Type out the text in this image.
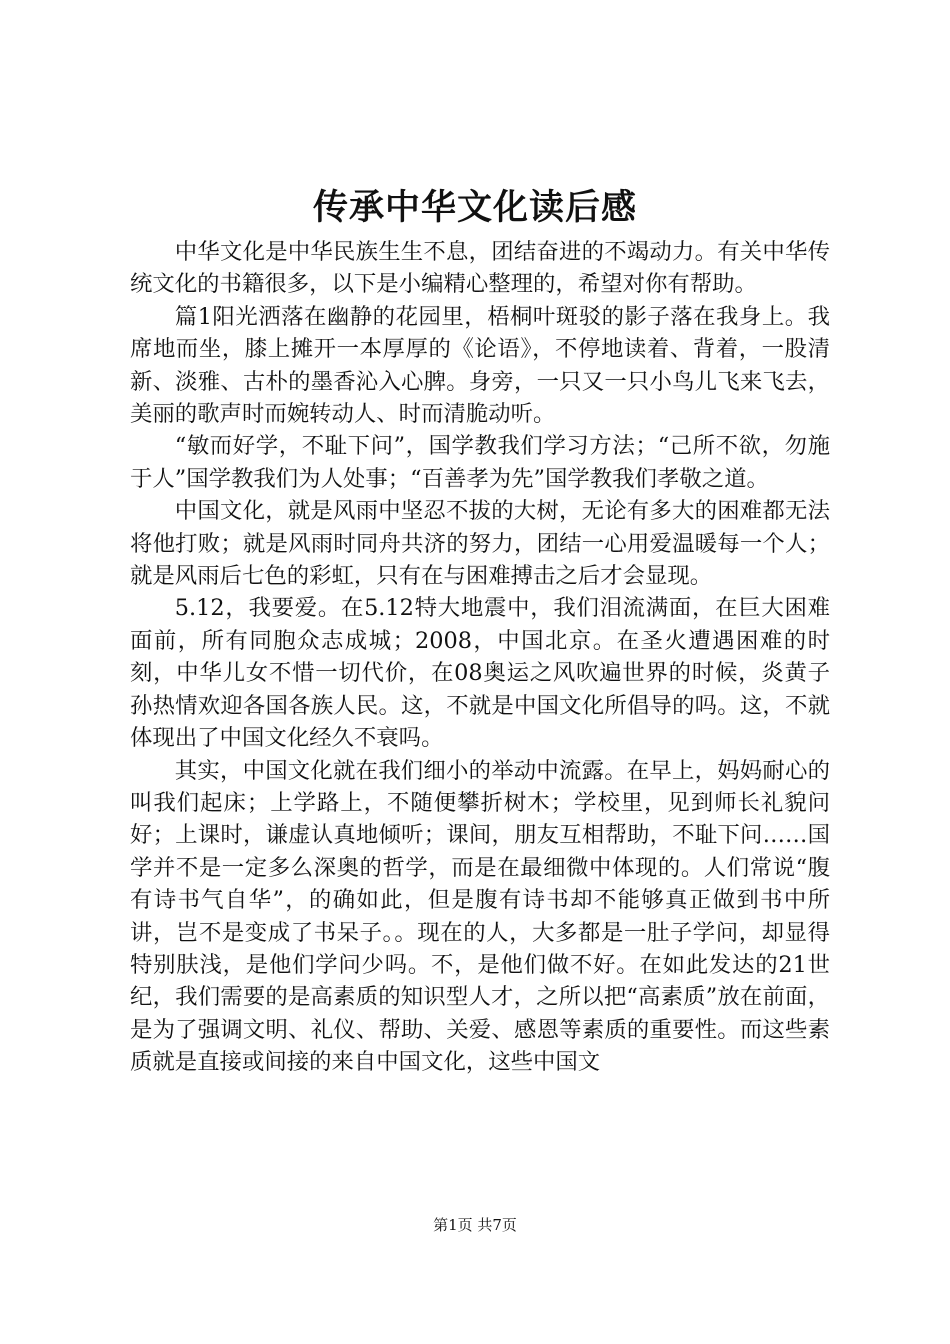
传承中华文化读后感

中华文化是中华民族生生不息，团结奋进的不竭动力。有关中华传统文化的书籍很多，以下是小编精心整理的，希望对你有帮助。

篇1阳光洒落在幽静的花园里，梧桐叶斑驳的影子落在我身上。我席地而坐，膝上摊开一本厚厚的《论语》，不停地读着、背着，一股清新、淡雅、古朴的墨香沁入心脾。身旁，一只又一只小鸟儿飞来飞去，美丽的歌声时而婉转动人、时而清脆动听。

“敏而好学，不耻下问”，国学教我们学习方法；“己所不欲，勿施于人”国学教我们为人处事；“百善孝为先”国学教我们孝敬之道。

中国文化，就是风雨中坚忍不拔的大树，无论有多大的困难都无法将他打败；就是风雨时同舟共济的努力，团结一心用爱温暖每一个人；就是风雨后七色的彩虹，只有在与困难搏击之后才会显现。

5.12，我要爱。在5.12特大地震中，我们泪流满面，在巨大困难面前，所有同胞众志成城；2008，中国北京。在圣火遭遇困难的时刻，中华儿女不惜一切代价，在08奥运之风吹遍世界的时候，炎黄子孙热情欢迎各国各族人民。这，不就是中国文化所倡导的吗。这，不就体现出了中国文化经久不衰吗。

其实，中国文化就在我们细小的举动中流露。在早上，妈妈耐心的叫我们起床；上学路上，不随便攀折树木；学校里，见到师长礼貌问好；上课时，谦虚认真地倾听；课间，朋友互相帮助，不耻下问……国学并不是一定多么深奥的哲学，而是在最细微中体现的。人们常说“腹有诗书气自华”，的确如此，但是腹有诗书却不能够真正做到书中所讲，岂不是变成了书呆子。。现在的人，大多都是一肚子学问，却显得特别肤浅，是他们学问少吗。不，是他们做不好。在如此发达的21世纪，我们需要的是高素质的知识型人才，之所以把“高素质”放在前面，是为了强调文明、礼仪、帮助、关爱、感恩等素质的重要性。而这些素质就是直接或间接的来自中国文化，这些中国文

第1页 共7页
